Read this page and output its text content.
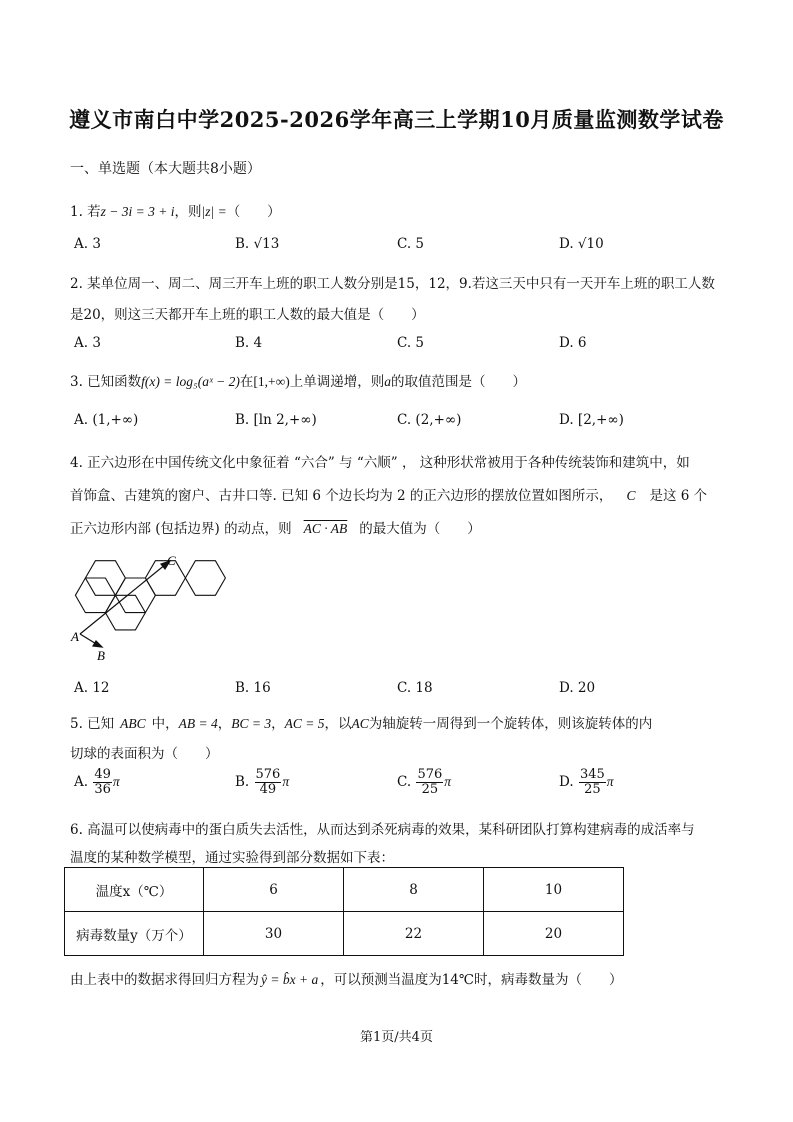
遵义市南白中学2025-2026学年高三上学期10月质量监测数学试卷
一、单选题（本大题共8小题）
1. 若z − 3i = 3 + i，则|z| =（　　）
A. 3	B. √13	C. 5	D. √10
2. 某单位周一、周二、周三开车上班的职工人数分别是15，12，9.若这三天中只有一天开车上班的职工人数
是20，则这三天都开车上班的职工人数的最大值是（　　）
A. 3	B. 4	C. 5	D. 6
3. 已知函数f(x) = log₅(aˣ − 2)在[1,+∞)上单调递增，则a的取值范围是（　　）
A. (1,+∞)	B. [ln 2,+∞)	C. (2,+∞)	D. [2,+∞)
4. 正六边形在中国传统文化中象征着 “六合” 与 “六顺” ， 这种形状常被用于各种传统装饰和建筑中，如
首饰盒、古建筑的窗户、古井口等. 已知 6 个边长均为 2 的正六边形的摆放位置如图所示， C 是这 6 个
正六边形内部 (包括边界) 的动点，则 AC · AB 的最大值为（　　）
A
B
C
A. 12	B. 16	C. 18	D. 20
5. 已知 ABC 中，AB = 4，BC = 3，AC = 5，以AC为轴旋转一周得到一个旋转体，则该旋转体的内
切球的表面积为（　　）
A. $\frac{49}{36}$ π	B. $\frac{576}{49}$ π	C. $\frac{576}{25}$ π	D. $\frac{345}{25}$ π
6. 高温可以使病毒中的蛋白质失去活性，从而达到杀死病毒的效果，某科研团队打算构建病毒的成活率与
温度的某种数学模型，通过实验得到部分数据如下表：
温度x（℃）	6	8	10
病毒数量y（万个）	30	22	20
由上表中的数据求得回归方程为 ŷ = b̂x + a ，可以预测当温度为14℃时，病毒数量为（　　）
第1页/共4页
